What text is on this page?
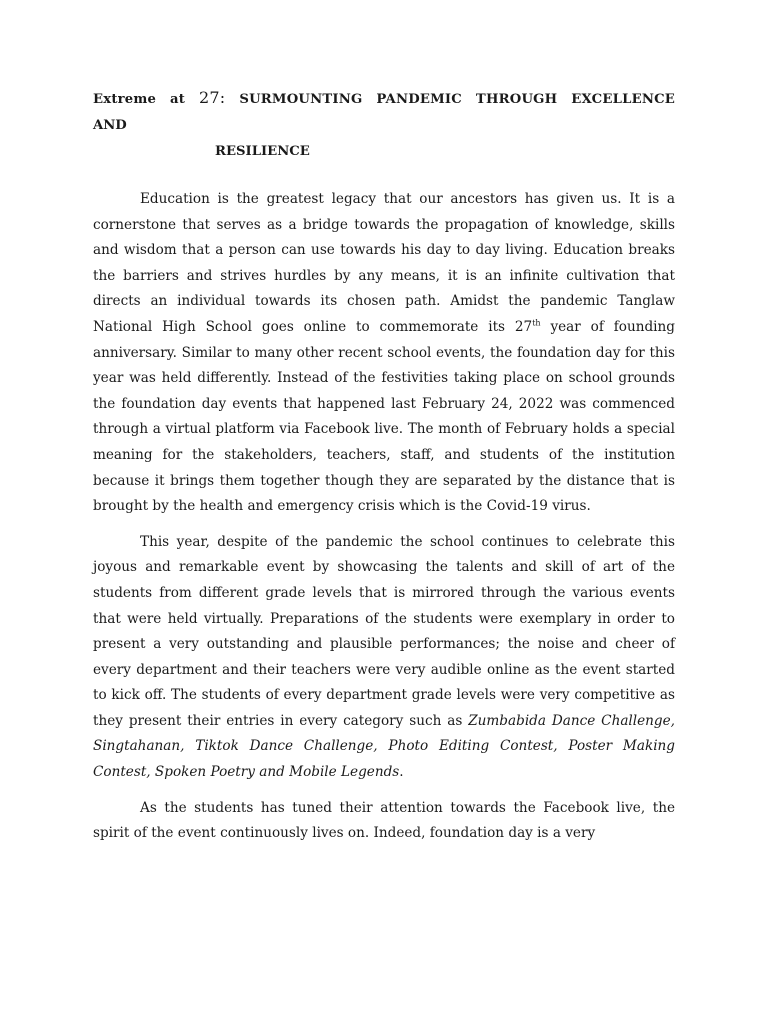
Extreme at 27: SURMOUNTING PANDEMIC THROUGH EXCELLENCE

AND

RESILIENCE

Education is the greatest legacy that our ancestors has given us. It is a cornerstone that serves as a bridge towards the propagation of knowledge, skills and wisdom that a person can use towards his day to day living. Education breaks the barriers and strives hurdles by any means, it is an infinite cultivation that directs an individual towards its chosen path. Amidst the pandemic Tanglaw National High School goes online to commemorate its 27th year of founding anniversary. Similar to many other recent school events, the foundation day for this year was held differently. Instead of the festivities taking place on school grounds the foundation day events that happened last February 24, 2022 was commenced through a virtual platform via Facebook live. The month of February holds a special meaning for the stakeholders, teachers, staff, and students of the institution because it brings them together though they are separated by the distance that is brought by the health and emergency crisis which is the Covid-19 virus.

This year, despite of the pandemic the school continues to celebrate this joyous and remarkable event by showcasing the talents and skill of art of the students from different grade levels that is mirrored through the various events that were held virtually. Preparations of the students were exemplary in order to present a very outstanding and plausible performances; the noise and cheer of every department and their teachers were very audible online as the event started to kick off. The students of every department grade levels were very competitive as they present their entries in every category such as Zumbabida Dance Challenge, Singtahanan, Tiktok Dance Challenge, Photo Editing Contest, Poster Making Contest, Spoken Poetry and Mobile Legends.

As the students has tuned their attention towards the Facebook live, the spirit of the event continuously lives on. Indeed, foundation day is a very
